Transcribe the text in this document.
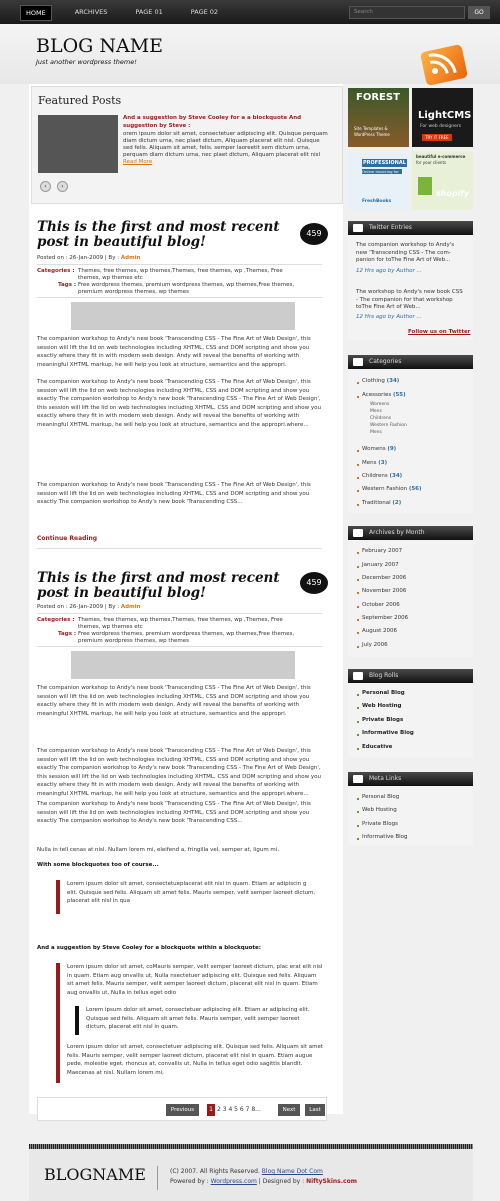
HOME	ARCHIVES	PAGE 01	PAGE 02	Search	GO
BLOG NAME
Just another wordpress theme!
Featured Posts
And a suggestion by Steve Cooley for a a blockquote And suggestion by Steve :
orem ipsum dolor sit amet, consectetuer adipiscing elit. Quisque perquam diam dictum urna, nec plaet dictum, Aliquam placerat elit nisl. Quisque sed felis. Aliquam sit amet, felis. semper laoreetit sem dictum urna, perquam diam dictum urna, nec plaet dictum, Aliquam placerat elit nisl
Read More
‹	›
This is the first and most recent post in beautiful blog!
459
Posted on : 26-Jan-2009 | By : Admin
Categories : Themes, free themes, wp themes,Themes, free themes, wp ,Themes, Free themes, wp themes etc
Tags : Free wordpress themes, premium wordpress themes, wp themes,Free themes, premium wordpress themes, wp themes
The companion workshop to Andy's new book 'Transcending CSS - The Fine Art of Web Design', this session will lift the lid on web technologies including XHTML, CSS and DOM scripting and show you exactly where they fit in with modern web design. Andy will reveal the benefits of working with meaningful XHTML markup, he will help you look at structure, semantics and the appropri.
The companion workshop to Andy's new book 'Transcending CSS - The Fine Art of Web Design', this session will lift the lid on web technologies including XHTML, CSS and DOM scripting and show you exactly The companion workshop to Andy's new book 'Transcending CSS - The Fine Art of Web Design', this session will lift the lid on web technologies including XHTML, CSS and DOM scripting and show you exactly where they fit in with modern web design. Andy will reveal the benefits of working with meaningful XHTML markup, he will help you look at structure, semantics and the appropri.where...
The companion workshop to Andy's new book 'Transcending CSS - The Fine Art of Web Design', this session will lift the lid on web technologies including XHTML, CSS and DOM scripting and show you exactly The companion workshop to Andy's new book 'Transcending CSS...
Continue Reading
This is the first and most recent post in beautiful blog!
459
Posted on : 26-Jan-2009 | By : Admin
Categories : Themes, free themes, wp themes,Themes, free themes, wp ,Themes, Free themes, wp themes etc
Tags : Free wordpress themes, premium wordpress themes, wp themes,Free themes, premium wordpress themes, wp themes
The companion workshop to Andy's new book 'Transcending CSS - The Fine Art of Web Design', this session will lift the lid on web technologies including XHTML, CSS and DOM scripting and show you exactly where they fit in with modern web design. Andy will reveal the benefits of working with meaningful XHTML markup, he will help you look at structure, semantics and the appropri.
The companion workshop to Andy's new book 'Transcending CSS - The Fine Art of Web Design', this session will lift the lid on web technologies including XHTML, CSS and DOM scripting and show you exactly The companion workshop to Andy's new book 'Transcending CSS - The Fine Art of Web Design', this session will lift the lid on web technologies including XHTML, CSS and DOM scripting and show you exactly where they fit in with modern web design. Andy will reveal the benefits of working with meaningful XHTML markup, he will help you look at structure, semantics and the appropri.where...
The companion workshop to Andy's new book 'Transcending CSS - The Fine Art of Web Design', this session will lift the lid on web technologies including XHTML, CSS and DOM scripting and show you exactly The companion workshop to Andy's new book 'Transcending CSS...
Nulla in tell cenas at nisl. Nullam lorem mi, eleifend a, fringilla vel, semper at, ligum mi,
With some blockquotes too of course...
Lorem ipsum dolor sit amet, consectetueplacerat elit nisl in quam. Etiam ar adipiscin g elit. Quisque sed felis. Aliquam sit amet felis. Mauris semper, velit semper laoreet dictum, placerat elit nisl in qua
And a suggestion by Steve Cooley for a blockquote within a blockquote:
Lorem ipsum dolor sit amet, coMauris semper, velit semper laoreet dictum, plac erat elit nisl in quam. Etiam aug onvallis ut, Nulla nsectetuer adipiscing elit. Quisque sed felis. Aliquam sit amet felis. Mauris semper, velit semper laoreet dictum, placerat elit nisl in quam. Etiam aug onvallis ut, Nulla in tellus eget odio
Lorem ipsum dolor sit amet, consectetuer adipiscing elit. Etiam ar adipiscing elit. Quisque sed felis. Aliquam sit amet felis. Mauris semper, velit semper laoreet dictum, placerat elit nisl in quam.
Lorem ipsum dolor sit amet, consectetuer adipiscing elit. Quisque sed felis. Aliquam sit amet felis. Mauris semper, velit semper laoreet dictum, placerat elit nisl in quam. Etiam augue pede, molestie eget, rhoncus at, convallis ut, Nulla in tellus eget odio sagittis blandit. Maecenas at nisl. Nullam lorem mi,
Previous	1 2 3 4 5 6 7 8...	Next	Last
FOREST
Site Templates &
WordPress Theme
LightCMS
For web designers
TRY IT FREE
PROFESSIONAL
Online Invoicing for
FreshBooks
beautiful e-commerce
for your clients
shopify
Twitter Entries
The companion workshop to Andy's new 'Transcending CSS - The com- panion for toThe Fine Art of Web...
12 Hrs ago by Author ...
The workshop to Andy's new book CSS - The companion for that workshop toThe Fine Art of Web...
12 Hrs ago by Author ...
Follow us on Twitter
Categories
Clothing (34)
Acessories (55)
Womens
Mens
Childrens
Western Fashion
Mens
Womens (9)
Mens (3)
Childrens (34)
Western Fashion (56)
Traditional (2)
Archives by Month
February 2007
January 2007
December 2006
November 2006
October 2006
September 2006
August 2006
July 2006
Blog Rolls
Personal Blog
Web Hosting
Private Blogs
Informative Blog
Educative
Meta Links
Personal Blog
Web Hosting
Private Blogs
Informative Blog
BLOGNAME	(C) 2007. All Rights Reserved. Blog Name Dot Com
Powered by : Wordpress.com | Designed by : NiftySkins.com
